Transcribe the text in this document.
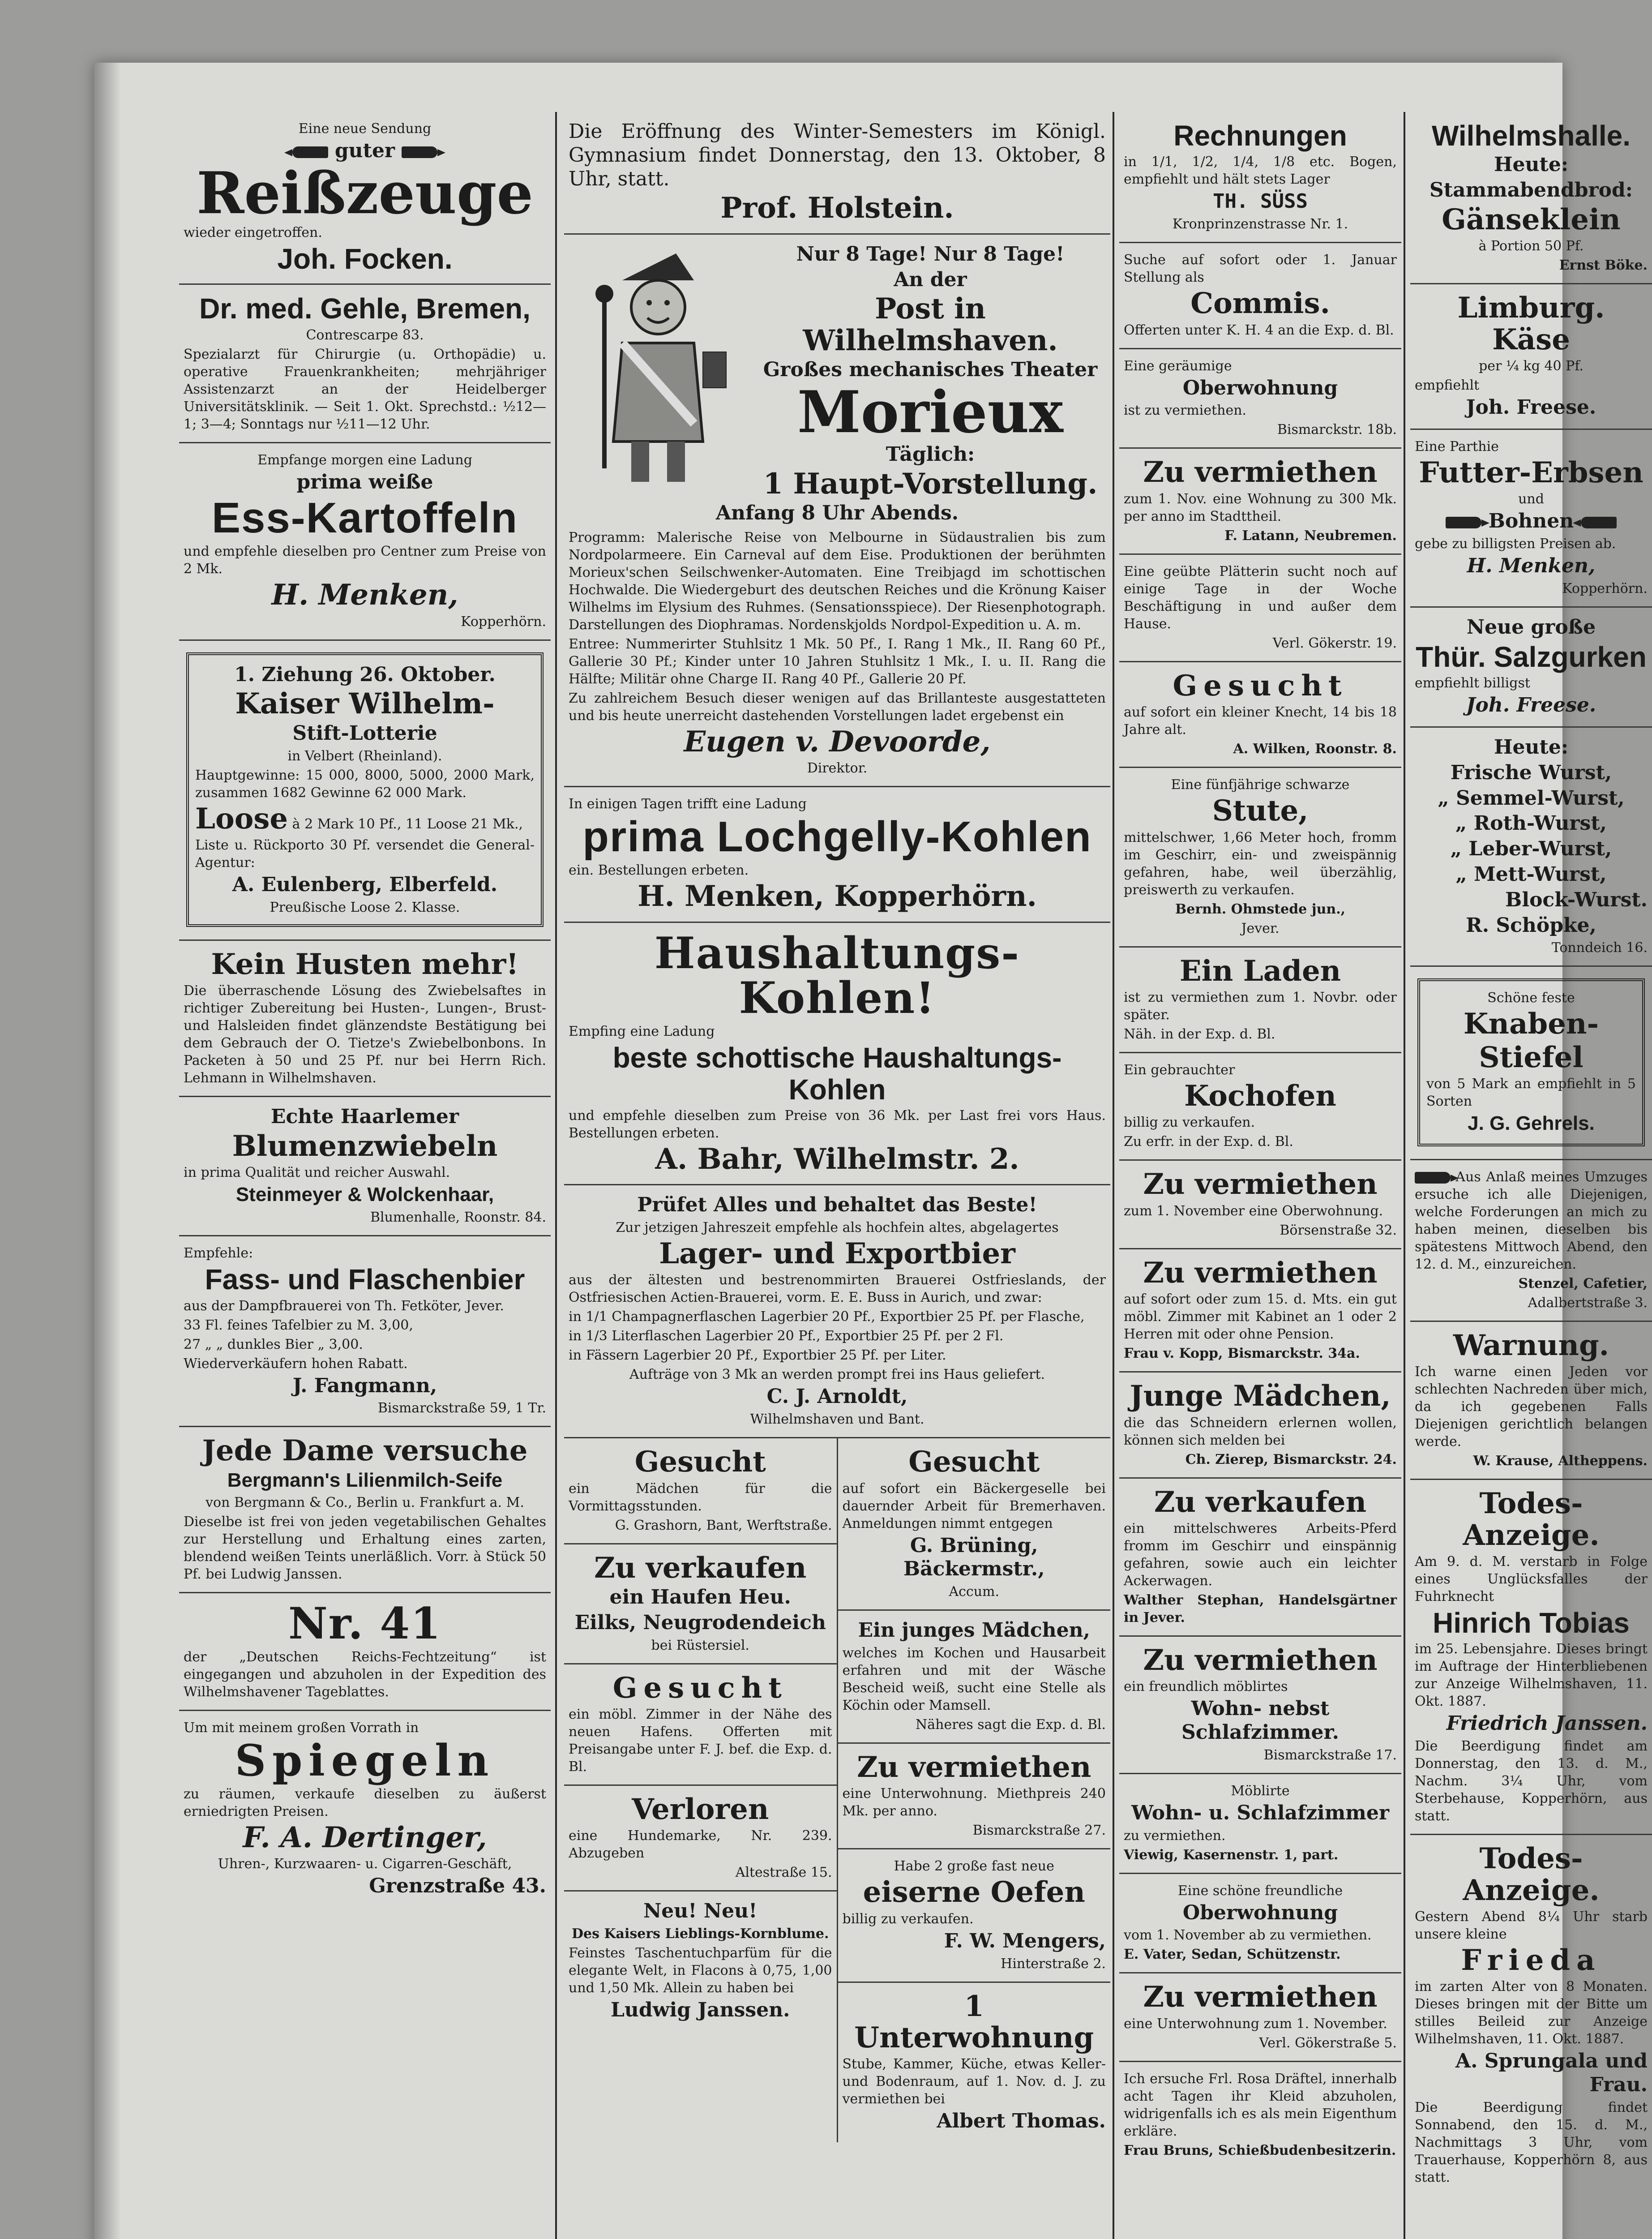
Eine neue Sendung

guter

Reißzeuge

wieder eingetroffen.

Joh. Focken.

Dr. med. Gehle, Bremen,

Contrescarpe 83.

Spezialarzt für Chirurgie (u. Orthopädie) u. operative Frauenkrankheiten; mehrjähriger Assistenzarzt an der Heidelberger Universitätsklinik. — Seit 1. Okt. Sprechstd.: ½12—1; 3—4; Sonntags nur ½11—12 Uhr.

Empfange morgen eine Ladung

prima weiße

Ess-Kartoffeln

und empfehle dieselben pro Centner zum Preise von 2 Mk.

H. Menken,

Kopperhörn.

1. Ziehung 26. Oktober.

Kaiser Wilhelm-

Stift-Lotterie

in Velbert (Rheinland).

Hauptgewinne: 15 000, 8000, 5000, 2000 Mark, zusammen 1682 Gewinne 62 000 Mark.

Loose à 2 Mark 10 Pf., 11 Loose 21 Mk.,

Liste u. Rückporto 30 Pf. versendet die General-Agentur:

A. Eulenberg, Elberfeld.

Preußische Loose 2. Klasse.

Kein Husten mehr!

Die überraschende Lösung des Zwiebelsaftes in richtiger Zubereitung bei Husten-, Lungen-, Brust- und Halsleiden findet glänzendste Bestätigung bei dem Gebrauch der O. Tietze's Zwiebelbonbons. In Packeten à 50 und 25 Pf. nur bei Herrn Rich. Lehmann in Wilhelmshaven.

Echte Haarlemer

Blumenzwiebeln

in prima Qualität und reicher Auswahl.

Steinmeyer & Wolckenhaar,

Blumenhalle, Roonstr. 84.

Empfehle:

Fass- und Flaschenbier

aus der Dampfbrauerei von Th. Fetköter, Jever.

33 Fl. feines Tafelbier zu M. 3,00,

27 „ „ dunkles Bier „ 3,00.

Wiederverkäufern hohen Rabatt.

J. Fangmann,

Bismarckstraße 59, 1 Tr.

Jede Dame versuche

Bergmann's Lilienmilch-Seife

von Bergmann & Co., Berlin u. Frankfurt a. M.

Dieselbe ist frei von jeden vegetabilischen Gehaltes zur Herstellung und Erhaltung eines zarten, blendend weißen Teints unerläßlich. Vorr. à Stück 50 Pf. bei Ludwig Janssen.

Nr. 41

der „Deutschen Reichs-Fechtzeitung“ ist eingegangen und abzuholen in der Expedition des Wilhelmshavener Tageblattes.

Um mit meinem großen Vorrath in

Spiegeln

zu räumen, verkaufe dieselben zu äußerst erniedrigten Preisen.

F. A. Dertinger,

Uhren-, Kurzwaaren- u. Cigarren-Geschäft,

Grenzstraße 43.

Die Eröffnung des Winter-Semesters im Königl. Gymnasium findet Donnerstag, den 13. Oktober, 8 Uhr, statt.

Prof. Holstein.

Nur 8 Tage! Nur 8 Tage!

An der

Post in Wilhelmshaven.

Großes mechanisches Theater

Morieux

Täglich:

1 Haupt-Vorstellung.

Anfang 8 Uhr Abends.

Programm: Malerische Reise von Melbourne in Südaustralien bis zum Nordpolarmeere. Ein Carneval auf dem Eise. Produktionen der berühmten Morieux'schen Seilschwenker-Automaten. Eine Treibjagd im schottischen Hochwalde. Die Wiedergeburt des deutschen Reiches und die Krönung Kaiser Wilhelms im Elysium des Ruhmes. (Sensationsspiece). Der Riesenphotograph. Darstellungen des Diophramas. Nordenskjolds Nordpol-Expedition u. A. m.

Entree: Nummerirter Stuhlsitz 1 Mk. 50 Pf., I. Rang 1 Mk., II. Rang 60 Pf., Gallerie 30 Pf.; Kinder unter 10 Jahren Stuhlsitz 1 Mk., I. u. II. Rang die Hälfte; Militär ohne Charge II. Rang 40 Pf., Gallerie 20 Pf.

Zu zahlreichem Besuch dieser wenigen auf das Brillanteste ausgestatteten und bis heute unerreicht dastehenden Vorstellungen ladet ergebenst ein

Eugen v. Devoorde,

Direktor.

In einigen Tagen trifft eine Ladung

prima Lochgelly-Kohlen

ein. Bestellungen erbeten.

H. Menken, Kopperhörn.

Haushaltungs-Kohlen!

Empfing eine Ladung

beste schottische Haushaltungs-Kohlen

und empfehle dieselben zum Preise von 36 Mk. per Last frei vors Haus. Bestellungen erbeten.

A. Bahr, Wilhelmstr. 2.

Prüfet Alles und behaltet das Beste!

Zur jetzigen Jahreszeit empfehle als hochfein altes, abgelagertes

Lager- und Exportbier

aus der ältesten und bestrenommirten Brauerei Ostfrieslands, der Ostfriesischen Actien-Brauerei, vorm. E. E. Buss in Aurich, und zwar:

in 1/1 Champagnerflaschen Lagerbier 20 Pf., Exportbier 25 Pf. per Flasche,

in 1/3 Literflaschen Lagerbier 20 Pf., Exportbier 25 Pf. per 2 Fl.

in Fässern Lagerbier 20 Pf., Exportbier 25 Pf. per Liter.

Aufträge von 3 Mk an werden prompt frei ins Haus geliefert.

C. J. Arnoldt,

Wilhelmshaven und Bant.

Gesucht

ein Mädchen für die Vormittagsstunden.

G. Grashorn, Bant, Werftstraße.

Zu verkaufen

ein Haufen Heu.

Eilks, Neugrodendeich

bei Rüstersiel.

Gesucht

ein möbl. Zimmer in der Nähe des neuen Hafens. Offerten mit Preisangabe unter F. J. bef. die Exp. d. Bl.

Verloren

eine Hundemarke, Nr. 239. Abzugeben

Altestraße 15.

Neu! Neu!

Des Kaisers Lieblings-Kornblume.

Feinstes Taschentuchparfüm für die elegante Welt, in Flacons à 0,75, 1,00 und 1,50 Mk. Allein zu haben bei

Ludwig Janssen.

Gesucht

auf sofort ein Bäckergeselle bei dauernder Arbeit für Bremerhaven. Anmeldungen nimmt entgegen

G. Brüning, Bäckermstr.,

Accum.

Ein junges Mädchen,

welches im Kochen und Hausarbeit erfahren und mit der Wäsche Bescheid weiß, sucht eine Stelle als Köchin oder Mamsell.

Näheres sagt die Exp. d. Bl.

Zu vermiethen

eine Unterwohnung. Miethpreis 240 Mk. per anno.

Bismarckstraße 27.

Habe 2 große fast neue

eiserne Oefen

billig zu verkaufen.

F. W. Mengers,

Hinterstraße 2.

1 Unterwohnung

Stube, Kammer, Küche, etwas Keller- und Bodenraum, auf 1. Nov. d. J. zu vermiethen bei

Albert Thomas.

Rechnungen

in 1/1, 1/2, 1/4, 1/8 etc. Bogen, empfiehlt und hält stets Lager

TH. SÜSS

Kronprinzenstrasse Nr. 1.

Suche auf sofort oder 1. Januar Stellung als

Commis.

Offerten unter K. H. 4 an die Exp. d. Bl.

Eine geräumige

Oberwohnung

ist zu vermiethen.

Bismarckstr. 18b.

Zu vermiethen

zum 1. Nov. eine Wohnung zu 300 Mk. per anno im Stadttheil.

F. Latann, Neubremen.

Eine geübte Plätterin sucht noch auf einige Tage in der Woche Beschäftigung in und außer dem Hause.

Verl. Gökerstr. 19.

Gesucht

auf sofort ein kleiner Knecht, 14 bis 18 Jahre alt.

A. Wilken, Roonstr. 8.

Eine fünfjährige schwarze

Stute,

mittelschwer, 1,66 Meter hoch, fromm im Geschirr, ein- und zweispännig gefahren, habe, weil überzählig, preiswerth zu verkaufen.

Bernh. Ohmstede jun.,

Jever.

Ein Laden

ist zu vermiethen zum 1. Novbr. oder später.

Näh. in der Exp. d. Bl.

Ein gebrauchter

Kochofen

billig zu verkaufen.

Zu erfr. in der Exp. d. Bl.

Zu vermiethen

zum 1. November eine Oberwohnung.

Börsenstraße 32.

Zu vermiethen

auf sofort oder zum 15. d. Mts. ein gut möbl. Zimmer mit Kabinet an 1 oder 2 Herren mit oder ohne Pension.

Frau v. Kopp, Bismarckstr. 34a.

Junge Mädchen,

die das Schneidern erlernen wollen, können sich melden bei

Ch. Zierep, Bismarckstr. 24.

Zu verkaufen

ein mittelschweres Arbeits-Pferd fromm im Geschirr und einspännig gefahren, sowie auch ein leichter Ackerwagen.

Walther Stephan, Handelsgärtner in Jever.

Zu vermiethen

ein freundlich möblirtes

Wohn- nebst Schlafzimmer.

Bismarckstraße 17.

Möblirte

Wohn- u. Schlafzimmer

zu vermiethen.

Viewig, Kasernenstr. 1, part.

Eine schöne freundliche

Oberwohnung

vom 1. November ab zu vermiethen.

E. Vater, Sedan, Schützenstr.

Zu vermiethen

eine Unterwohnung zum 1. November.

Verl. Gökerstraße 5.

Ich ersuche Frl. Rosa Dräftel, innerhalb acht Tagen ihr Kleid abzuholen, widrigenfalls ich es als mein Eigenthum erkläre.

Frau Bruns, Schießbudenbesitzerin.

Wilhelmshalle.

Heute:

Stammabendbrod:

Gänseklein

à Portion 50 Pf.

Ernst Böke.

Limburg. Käse

per ¼ kg 40 Pf.

empfiehlt

Joh. Freese.

Eine Parthie

Futter-Erbsen

und

Bohnen

gebe zu billigsten Preisen ab.

H. Menken,

Kopperhörn.

Neue große

Thür. Salzgurken

empfiehlt billigst

Joh. Freese.

Heute:

Frische Wurst,

„ Semmel-Wurst,

„ Roth-Wurst,

„ Leber-Wurst,

„ Mett-Wurst,

Block-Wurst.

R. Schöpke,

Tonndeich 16.

Schöne feste

Knaben-

Stiefel

von 5 Mark an empfiehlt in 5 Sorten

J. G. Gehrels.

Aus Anlaß meines Umzuges ersuche ich alle Diejenigen, welche Forderungen an mich zu haben meinen, dieselben bis spätestens Mittwoch Abend, den 12. d. M., einzureichen.

Stenzel, Cafetier,

Adalbertstraße 3.

Warnung.

Ich warne einen Jeden vor schlechten Nachreden über mich, da ich gegebenen Falls Diejenigen gerichtlich belangen werde.

W. Krause, Altheppens.

Todes-Anzeige.

Am 9. d. M. verstarb in Folge eines Unglücksfalles der Fuhrknecht

Hinrich Tobias

im 25. Lebensjahre. Dieses bringt im Auftrage der Hinterbliebenen zur Anzeige Wilhelmshaven, 11. Okt. 1887.

Friedrich Janssen.

Die Beerdigung findet am Donnerstag, den 13. d. M., Nachm. 3¼ Uhr, vom Sterbehause, Kopperhörn, aus statt.

Todes-Anzeige.

Gestern Abend 8¼ Uhr starb unsere kleine

Frieda

im zarten Alter von 8 Monaten. Dieses bringen mit der Bitte um stilles Beileid zur Anzeige Wilhelmshaven, 11. Okt. 1887.

A. Sprungala und Frau.

Die Beerdigung findet Sonnabend, den 15. d. M., Nachmittags 3 Uhr, vom Trauerhause, Kopperhörn 8, aus statt.
